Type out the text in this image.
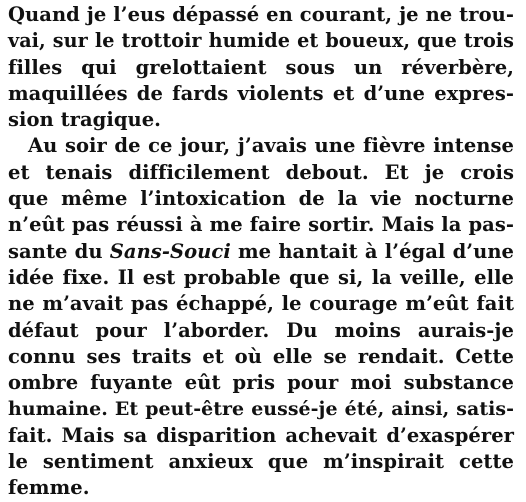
Quand je l’eus dépassé en courant, je ne trou-
vai, sur le trottoir humide et boueux, que trois
filles qui grelottaient sous un réverbère,
maquillées de fards violents et d’une expres-
sion tragique.
Au soir de ce jour, j’avais une fièvre intense
et tenais difficilement debout. Et je crois
que même l’intoxication de la vie nocturne
n’eût pas réussi à me faire sortir. Mais la pas-
sante du Sans-Souci me hantait à l’égal d’une
idée fixe. Il est probable que si, la veille, elle
ne m’avait pas échappé, le courage m’eût fait
défaut pour l’aborder. Du moins aurais-je
connu ses traits et où elle se rendait. Cette
ombre fuyante eût pris pour moi substance
humaine. Et peut-être eussé-je été, ainsi, satis-
fait. Mais sa disparition achevait d’exaspérer
le sentiment anxieux que m’inspirait cette
femme.
